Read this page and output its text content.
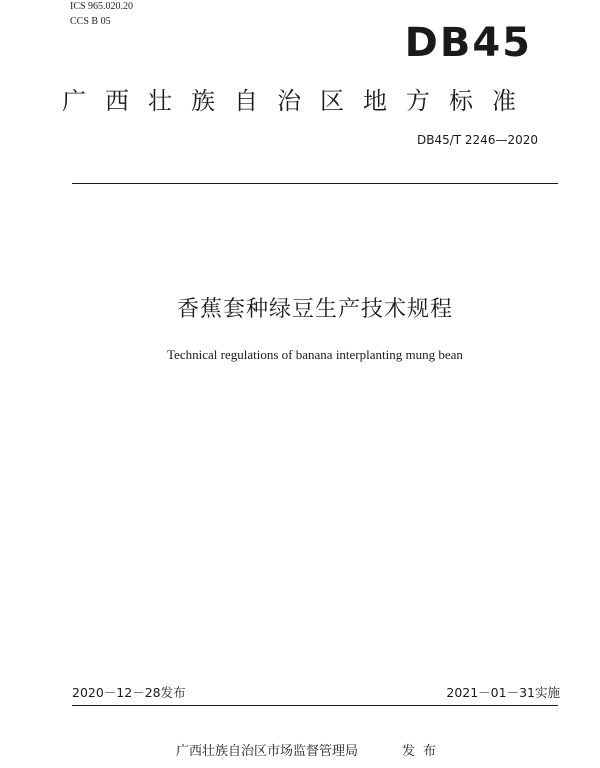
ICS 965.020.20
CCS B 05	DB45
广西壮族自治区地方标准
DB45/T 2246—2020
香蕉套种绿豆生产技术规程
Technical regulations of banana interplanting mung bean
2020－12－28发布	2021－01－31实施
广西壮族自治区市场监督管理局	发布
